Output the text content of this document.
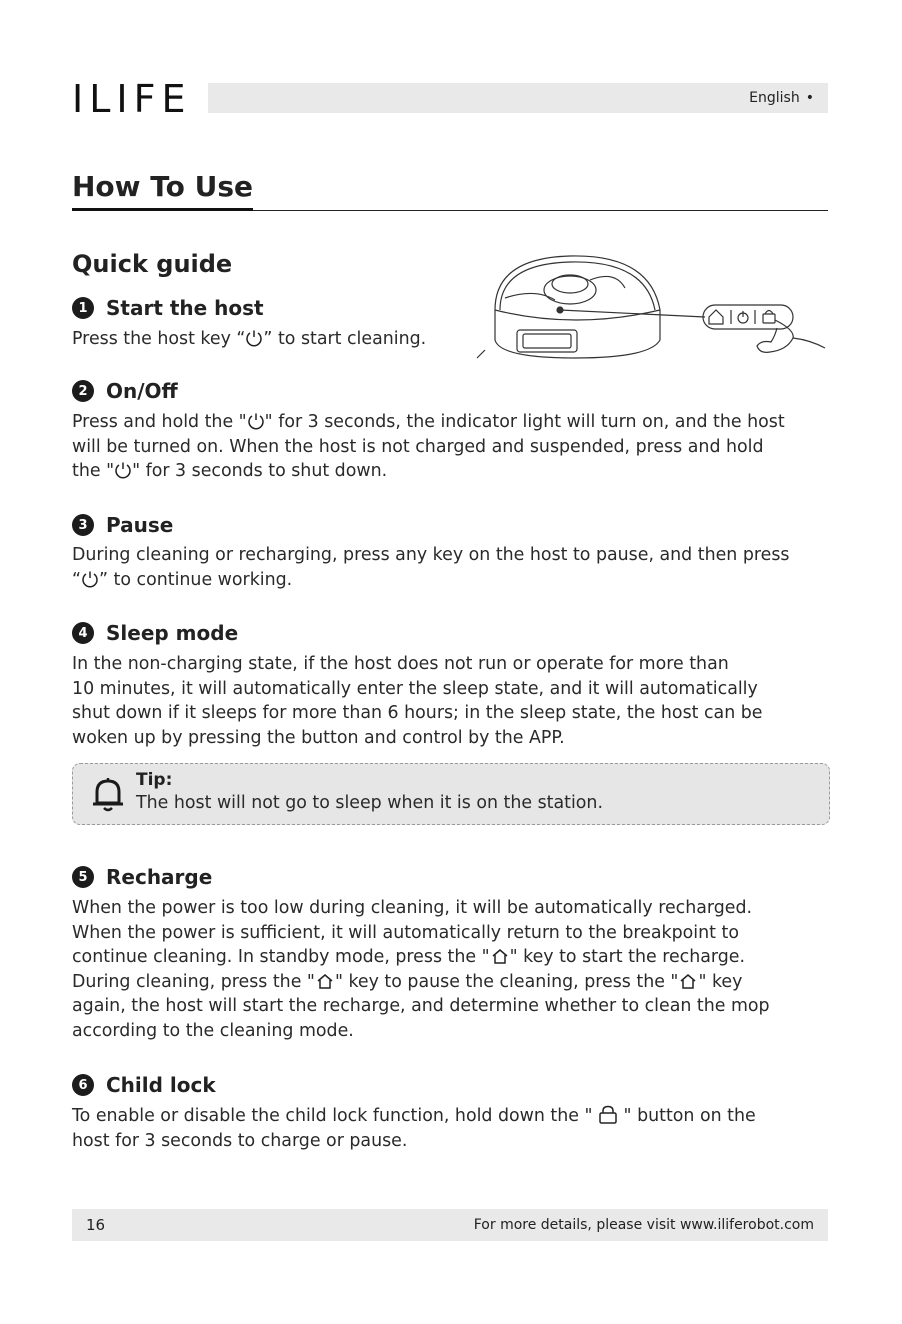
ILIFE	English •
How To Use
Quick guide
1 Start the host

Press the host key “ ” to start cleaning.

2 On/Off

Press and hold the " " for 3 seconds, the indicator light will turn on, and the host

will be turned on. When the host is not charged and suspended, press and hold

the " " for 3 seconds to shut down.

3 Pause

During cleaning or recharging, press any key on the host to pause, and then press

“ ” to continue working.

4 Sleep mode

In the non-charging state, if the host does not run or operate for more than

10 minutes, it will automatically enter the sleep state, and it will automatically

shut down if it sleeps for more than 6 hours; in the sleep state, the host can be

woken up by pressing the button and control by the APP.

Tip:
The host will not go to sleep when it is on the station.
5 Recharge

When the power is too low during cleaning, it will be automatically recharged.

When the power is sufficient, it will automatically return to the breakpoint to

continue cleaning. In standby mode, press the " " key to start the recharge.

During cleaning, press the " " key to pause the cleaning, press the " " key

again, the host will start the recharge, and determine whether to clean the mop

according to the cleaning mode.

6 Child lock

To enable or disable the child lock function, hold down the "  " button on the

host for 3 seconds to charge or pause.

16	For more details, please visit www.iliferobot.com
